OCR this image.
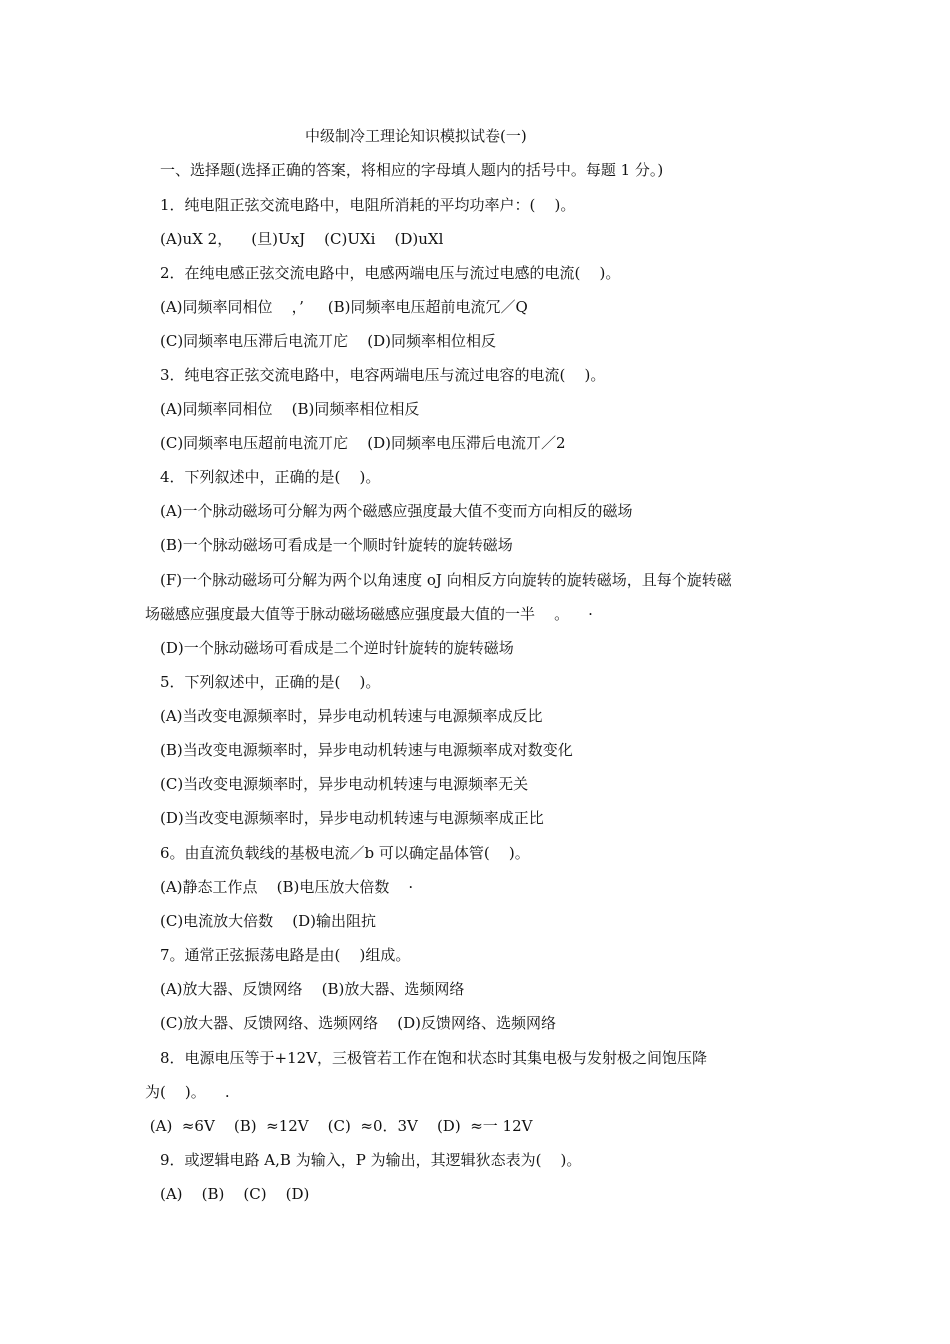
中级制冷工理论知识模拟试卷(一)
一、选择题(选择正确的答案，将相应的字母填人题内的括号中。每题 1 分。)
1．纯电阻正弦交流电路中，电阻所消耗的平均功率户：(    )。
(A)uX 2，    (旦)UxJ    (C)UXi    (D)uXl
2．在纯电感正弦交流电路中，电感两端电压与流过电感的电流(    )。
(A)同频率同相位    ，’     (B)同频率电压超前电流冗／Q
(C)同频率电压滞后电流丌庀    (D)同频率相位相反
3．纯电容正弦交流电路中，电容两端电压与流过电容的电流(    )。
(A)同频率同相位    (B)同频率相位相反
(C)同频率电压超前电流丌庀    (D)同频率电压滞后电流丌／2
4．下列叙述中，正确的是(    )。
(A)一个脉动磁场可分解为两个磁感应强度最大值不变而方向相反的磁场
(B)一个脉动磁场可看成是一个顺时针旋转的旋转磁场
(F)一个脉动磁场可分解为两个以角速度 oJ 向相反方向旋转的旋转磁场，且每个旋转磁
场磁感应强度最大值等于脉动磁场磁感应强度最大值的一半    。    ·
(D)一个脉动磁场可看成是二个逆时针旋转的旋转磁场
5．下列叙述中，正确的是(    )。
(A)当改变电源频率时，异步电动机转速与电源频率成反比
(B)当改变电源频率时，异步电动机转速与电源频率成对数变化
(C)当改变电源频率时，异步电动机转速与电源频率无关
(D)当改变电源频率时，异步电动机转速与电源频率成正比
6。由直流负载线的基极电流／b 可以确定晶体管(    )。
(A)静态工作点    (B)电压放大倍数    ·
(C)电流放大倍数    (D)输出阻抗
7。通常正弦振荡电路是由(    )组成。
(A)放大器、反馈网络    (B)放大器、选频网络
(C)放大器、反馈网络、选频网络    (D)反馈网络、选频网络
8．电源电压等于+12V，三极管若工作在饱和状态时其集电极与发射极之间饱压降
为(    )。    .
(A)  ≈6V    (B)  ≈12V    (C)  ≈0．3V    (D)  ≈一 12V
9．或逻辑电路 A,B 为输入，P 为输出，其逻辑狄态表为(    )。
(A)    (B)    (C)    (D)
